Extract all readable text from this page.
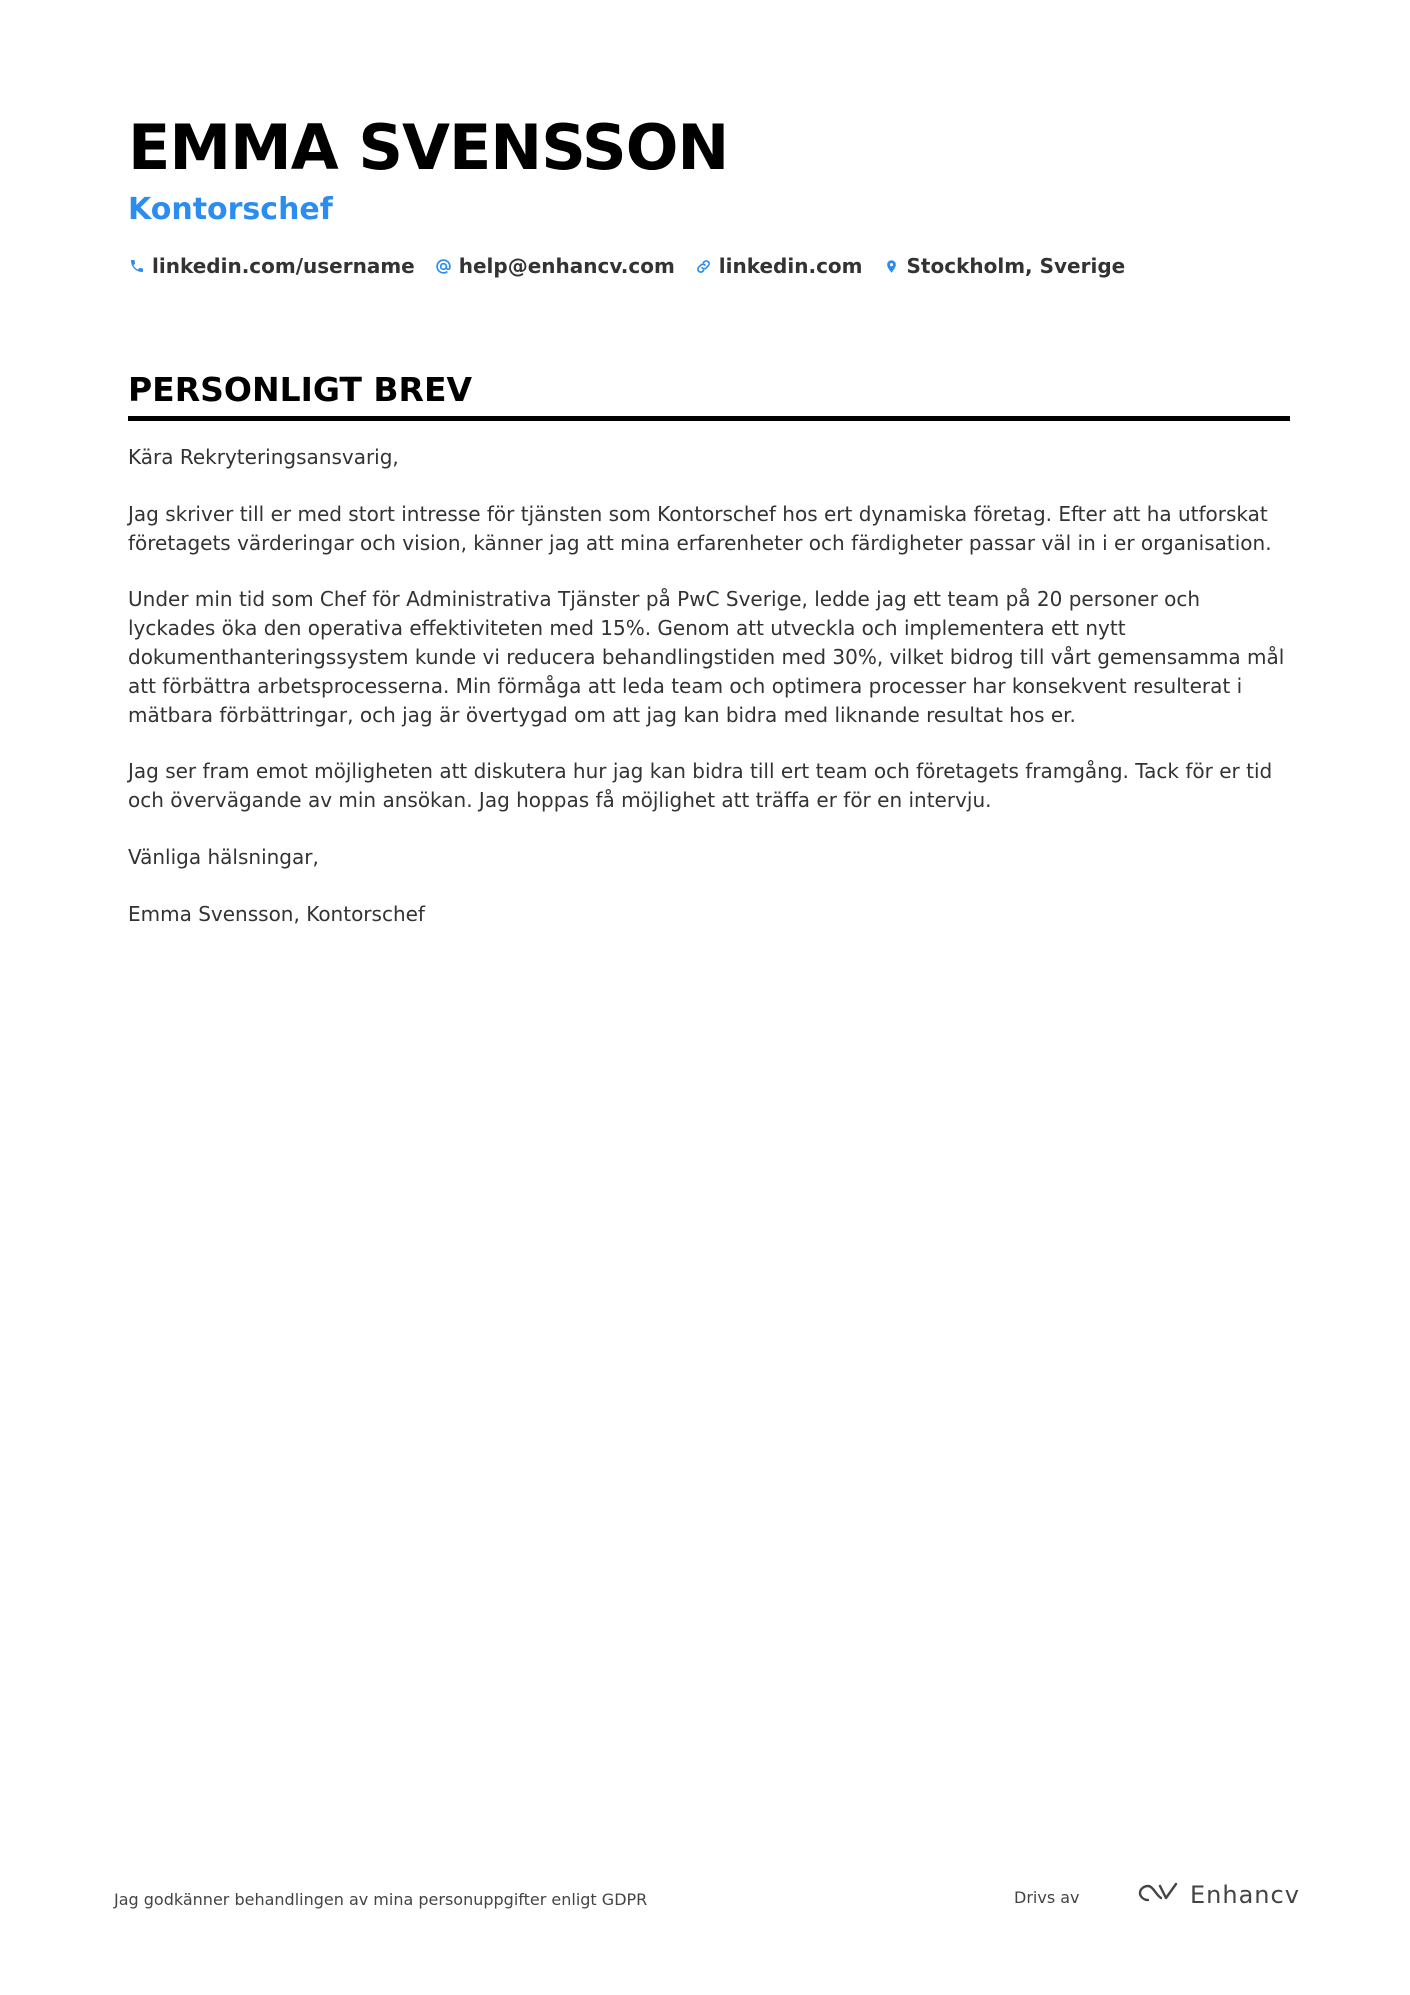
EMMA SVENSSON
Kontorschef
linkedin.com/username help@enhancv.com linkedin.com Stockholm, Sverige
PERSONLIGT BREV

Kära Rekryteringsansvarig,

Jag skriver till er med stort intresse för tjänsten som Kontorschef hos ert dynamiska företag. Efter att ha utforskat företagets värderingar och vision, känner jag att mina erfarenheter och färdigheter passar väl in i er organisation.

Under min tid som Chef för Administrativa Tjänster på PwC Sverige, ledde jag ett team på 20 personer och lyckades öka den operativa effektiviteten med 15%. Genom att utveckla och implementera ett nytt dokumenthanteringssystem kunde vi reducera behandlingstiden med 30%, vilket bidrog till vårt gemensamma mål att förbättra arbetsprocesserna. Min förmåga att leda team och optimera processer har konsekvent resulterat i mätbara förbättringar, och jag är övertygad om att jag kan bidra med liknande resultat hos er.

Jag ser fram emot möjligheten att diskutera hur jag kan bidra till ert team och företagets framgång. Tack för er tid och övervägande av min ansökan. Jag hoppas få möjlighet att träffa er för en intervju.

Vänliga hälsningar,

Emma Svensson, Kontorschef

Jag godkänner behandlingen av mina personuppgifter enligt GDPR	Drivs av	Enhancv
